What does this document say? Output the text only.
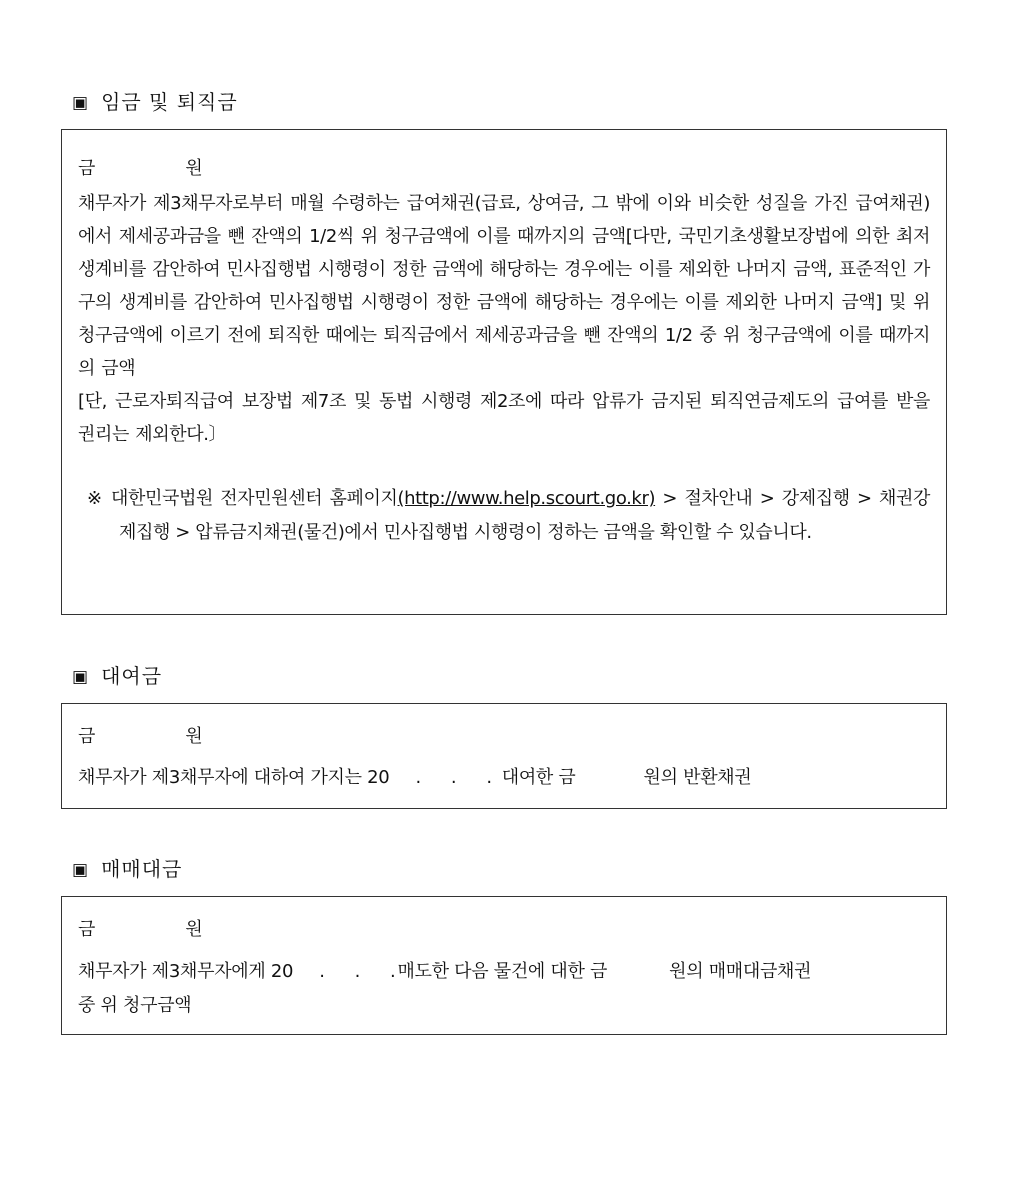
▣ 임금 및 퇴직금
금	원
채무자가 제3채무자로부터 매월 수령하는 급여채권(급료, 상여금, 그 밖에 이와 비슷한 성질을 가진 급여채권)에서 제세공과금을 뺀 잔액의 1/2씩 위 청구금액에 이를 때까지의 금액[다만, 국민기초생활보장법에 의한 최저생계비를 감안하여 민사집행법 시행령이 정한 금액에 해당하는 경우에는 이를 제외한 나머지 금액, 표준적인 가구의 생계비를 감안하여 민사집행법 시행령이 정한 금액에 해당하는 경우에는 이를 제외한 나머지 금액] 및 위 청구금액에 이르기 전에 퇴직한 때에는 퇴직금에서 제세공과금을 뺀 잔액의 1/2 중 위 청구금액에 이를 때까지의 금액
[단, 근로자퇴직급여 보장법 제7조 및 동법 시행령 제2조에 따라 압류가 금지된 퇴직연금제도의 급여를 받을 권리는 제외한다.〕
※ 대한민국법원 전자민원센터 홈페이지(http://www.help.scourt.go.kr) > 절차안내 > 강제집행 > 채권강제집행 > 압류금지채권(물건)에서 민사집행법 시행령이 정하는 금액을 확인할 수 있습니다.
▣ 대여금
금	원
채무자가 제3채무자에 대하여 가지는 20 . . . 대여한 금	원의 반환채권
▣ 매매대금
금	원
채무자가 제3채무자에게 20 . . . 매도한 다음 물건에 대한 금	원의 매매대금채권
중 위 청구금액
